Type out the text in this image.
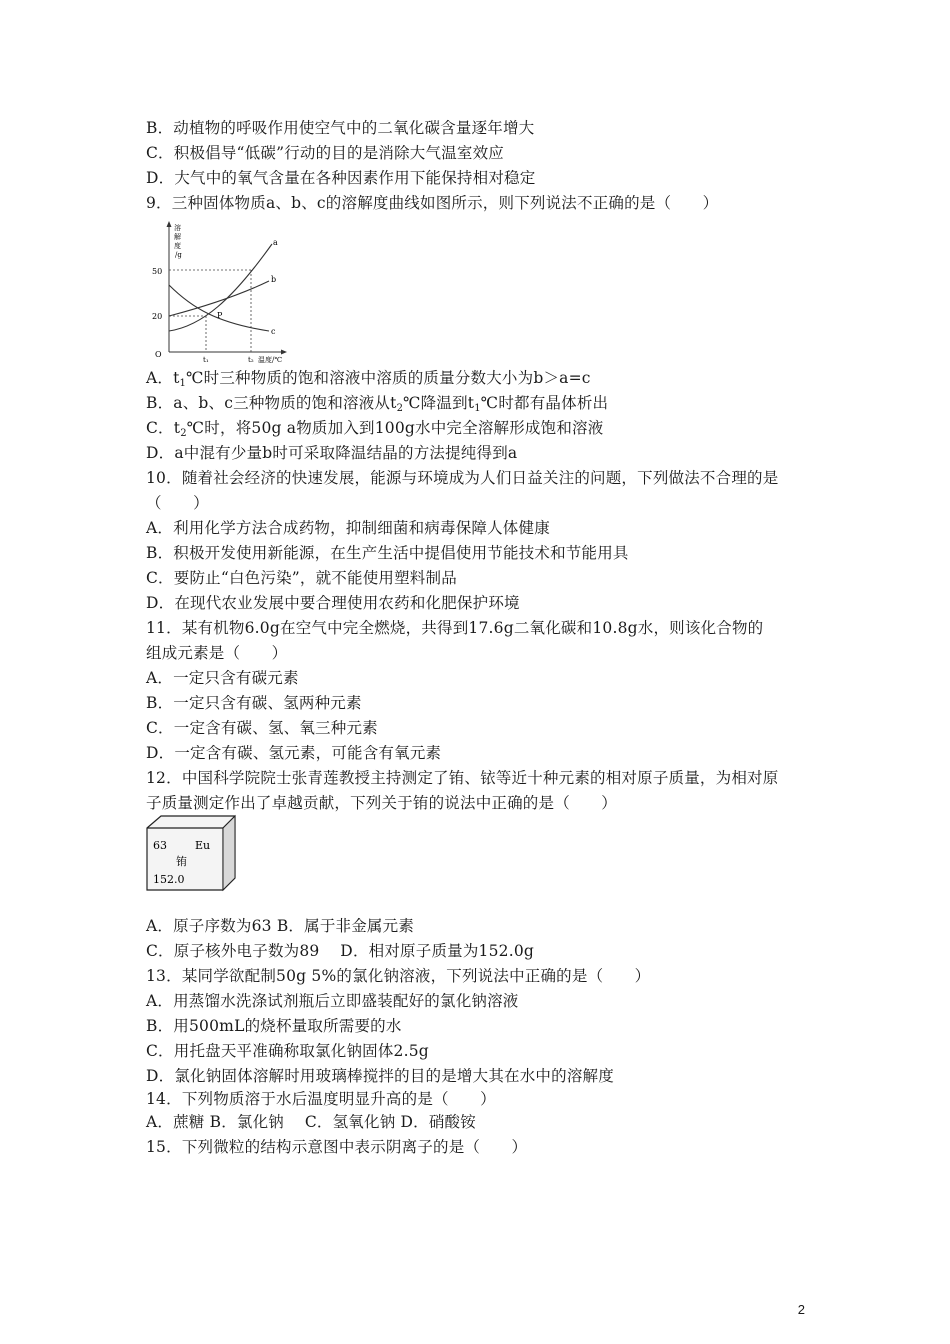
B．动植物的呼吸作用使空气中的二氧化碳含量逐年增大
C．积极倡导“低碳”行动的目的是消除大气温室效应
D．大气中的氧气含量在各种因素作用下能保持相对稳定
9．三种固体物质a、b、c的溶解度曲线如图所示，则下列说法不正确的是（　　）
溶
解
度
/g
50
20
O
a
b
c
P
t₁	t₂ 温度/℃
A．$t_1℃$时三种物质的饱和溶液中溶质的质量分数大小为b＞a=c
B．a、b、c三种物质的饱和溶液从$t_2℃$降温到$t_1℃$时都有晶体析出
C．$t_2℃$时，将50g a物质加入到100g水中完全溶解形成饱和溶液
D．a中混有少量b时可采取降温结晶的方法提纯得到a
10．随着社会经济的快速发展，能源与环境成为人们日益关注的问题，下列做法不合理的是
（　　）
A．利用化学方法合成药物，抑制细菌和病毒保障人体健康
B．积极开发使用新能源，在生产生活中提倡使用节能技术和节能用具
C．要防止“白色污染”，就不能使用塑料制品
D．在现代农业发展中要合理使用农药和化肥保护环境
11．某有机物6.0g在空气中完全燃烧，共得到17.6g二氧化碳和10.8g水，则该化合物的
组成元素是（　　）
A．一定只含有碳元素
B．一定只含有碳、氢两种元素
C．一定含有碳、氢、氧三种元素
D．一定含有碳、氢元素，可能含有氧元素
12．中国科学院院士张青莲教授主持测定了铕、铱等近十种元素的相对原子质量，为相对原
子质量测定作出了卓越贡献，下列关于铕的说法中正确的是（　　）
63	Eu
铕
152.0
A．原子序数为63 B．属于非金属元素
C．原子核外电子数为89　 D．相对原子质量为152.0g
13．某同学欲配制50g 5%的氯化钠溶液，下列说法中正确的是（　　）
A．用蒸馏水洗涤试剂瓶后立即盛装配好的氯化钠溶液
B．用500mL的烧杯量取所需要的水
C．用托盘天平准确称取氯化钠固体2.5g
D．氯化钠固体溶解时用玻璃棒搅拌的目的是增大其在水中的溶解度
14．下列物质溶于水后温度明显升高的是（　　）
A．蔗糖 B．氯化钠　 C．氢氧化钠 D．硝酸铵
15．下列微粒的结构示意图中表示阴离子的是（　　）
2
